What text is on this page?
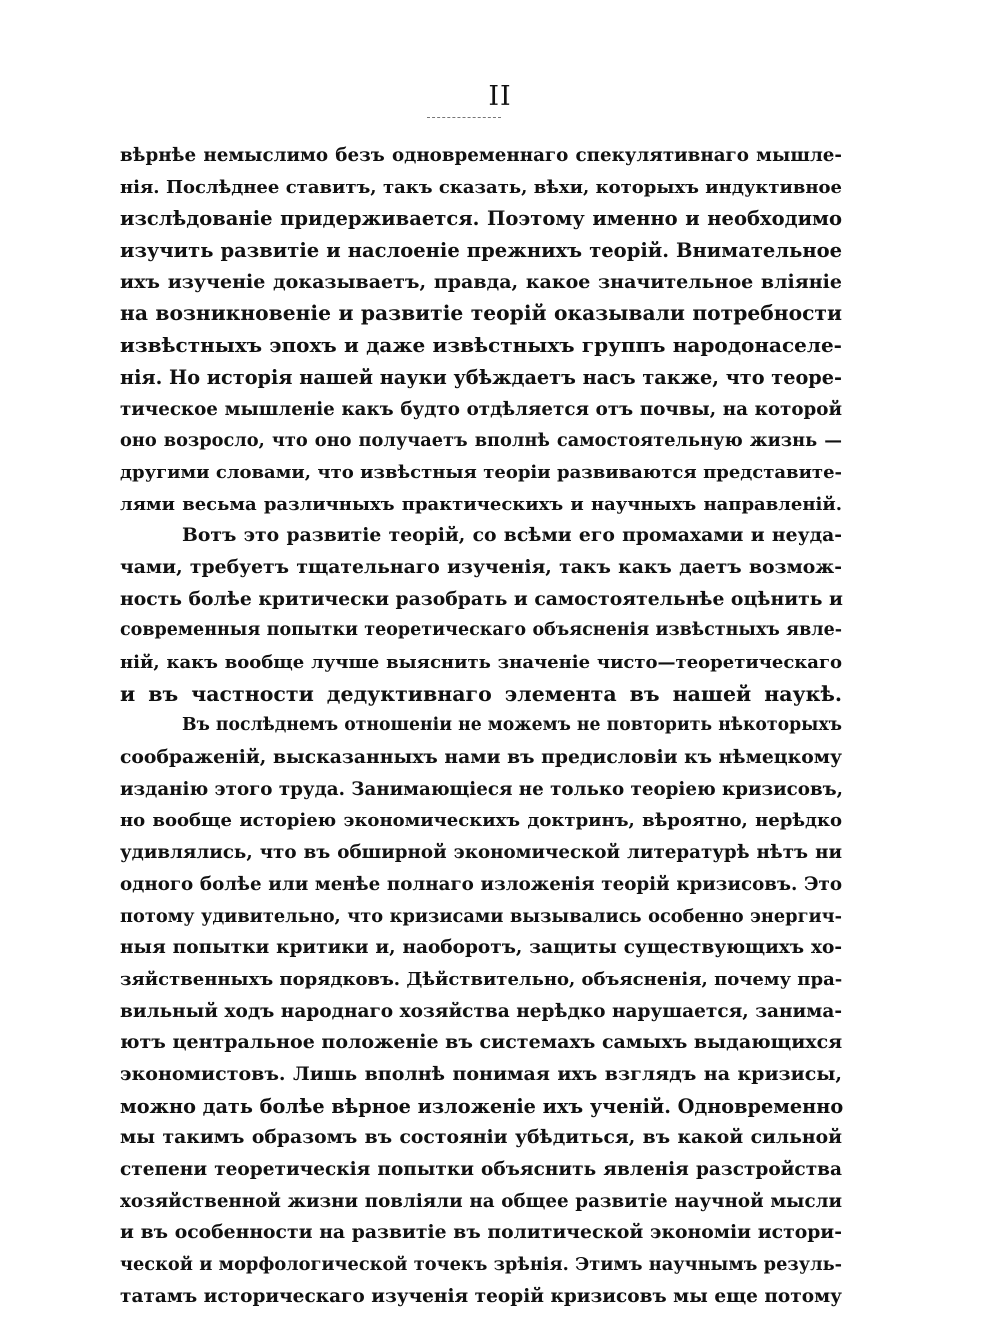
II
вѣрнѣе немыслимо безъ одновременнаго спекулятивнаго мышле-
нія. Послѣднее ставитъ, такъ сказать, вѣхи, которыхъ индуктивное
изслѣдованіе придерживается. Поэтому именно и необходимо
изучить развитіе и наслоеніе прежнихъ теорій. Внимательное
ихъ изученіе доказываетъ, правда, какое значительное вліяніе
на возникновеніе и развитіе теорій оказывали потребности
извѣстныхъ эпохъ и даже извѣстныхъ группъ народонаселе-
нія. Но исторія нашей науки убѣждаетъ насъ также, что теоре-
тическое мышленіе какъ будто отдѣляется отъ почвы, на которой
оно возросло, что оно получаетъ вполнѣ самостоятельную жизнь —
другими словами, что извѣстныя теоріи развиваются представите-
лями весьма различныхъ практическихъ и научныхъ направленій.
Вотъ это развитіе теорій, со всѣми его промахами и неуда-
чами, требуетъ тщательнаго изученія, такъ какъ даетъ возмож-
ность болѣе критически разобрать и самостоятельнѣе оцѣнить и
современныя попытки теоретическаго объясненія извѣстныхъ явле-
ній, какъ вообще лучше выяснить значеніе чисто—теоретическаго
и въ частности дедуктивнаго элемента въ нашей наукѣ.
Въ послѣднемъ отношеніи не можемъ не повторить нѣкоторыхъ
соображеній, высказанныхъ нами въ предисловіи къ нѣмецкому
изданію этого труда. Занимающіеся не только теоріею кризисовъ,
но вообще исторіею экономическихъ доктринъ, вѣроятно, нерѣдко
удивлялись, что въ обширной экономической литературѣ нѣтъ ни
одного болѣе или менѣе полнаго изложенія теорій кризисовъ. Это
потому удивительно, что кризисами вызывались особенно энергич-
ныя попытки критики и, наоборотъ, защиты существующихъ хо-
зяйственныхъ порядковъ. Дѣйствительно, объясненія, почему пра-
вильный ходъ народнаго хозяйства нерѣдко нарушается, занима-
ютъ центральное положеніе въ системахъ самыхъ выдающихся
экономистовъ. Лишь вполнѣ понимая ихъ взглядъ на кризисы,
можно дать болѣе вѣрное изложеніе ихъ ученій. Одновременно
мы такимъ образомъ въ состояніи убѣдиться, въ какой сильной
степени теоретическія попытки объяснить явленія разстройства
хозяйственной жизни повліяли на общее развитіе научной мысли
и въ особенности на развитіе въ политической экономіи истори-
ческой и морфологической точекъ зрѣнія. Этимъ научнымъ резуль-
татамъ историческаго изученія теорій кризисовъ мы еще потому
